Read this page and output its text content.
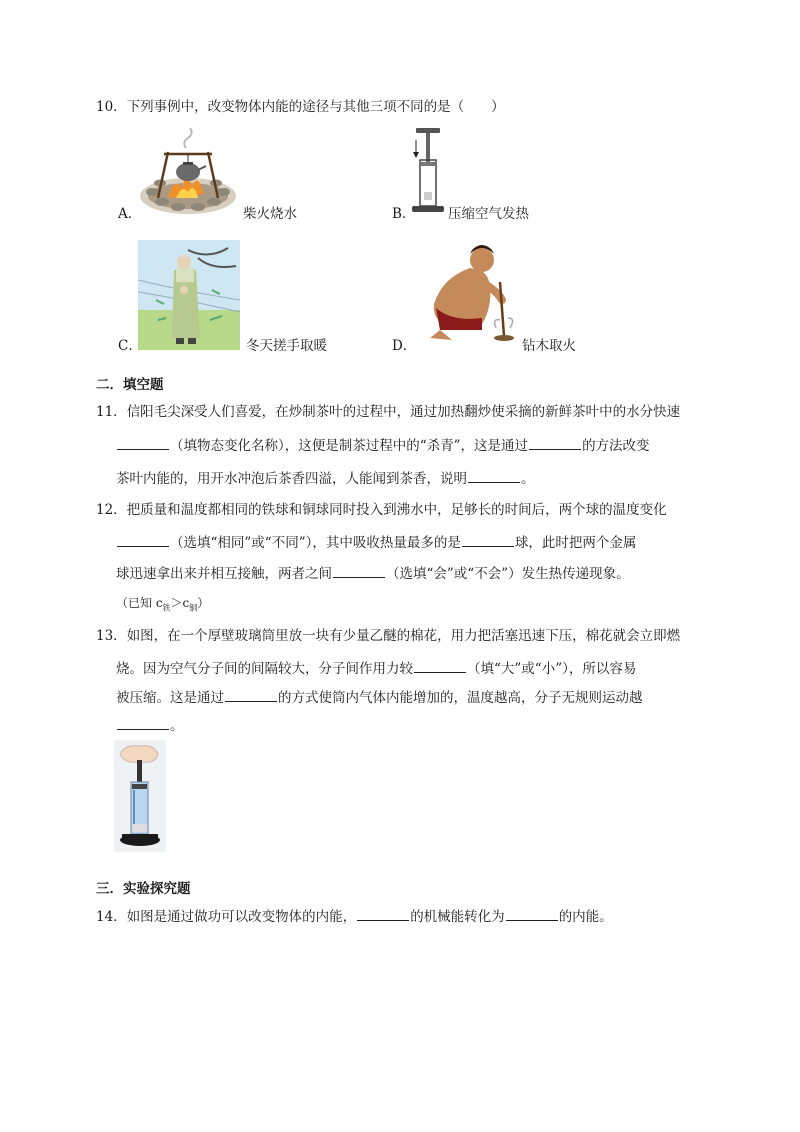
10．下列事例中，改变物体内能的途径与其他三项不同的是（　　）
A．	柴火烧水	B． 压缩空气发热
C．	冬天搓手取暖	D．	钻木取火
二．填空题
11．信阳毛尖深受人们喜爱，在炒制茶叶的过程中，通过加热翻炒使采摘的新鲜茶叶中的水分快速
（填物态变化名称），这便是制茶过程中的“杀青”，这是通过	的方法改变
茶叶内能的，用开水冲泡后茶香四溢，人能闻到茶香，说明	。
12．把质量和温度都相同的铁球和铜球同时投入到沸水中，足够长的时间后，两个球的温度变化
（选填“相同”或“不同”），其中吸收热量最多的是	球，此时把两个金属
球迅速拿出来并相互接触，两者之间	（选填“会”或“不会”）发生热传递现象。
（已知 $c_铁>c_铜$）
13．如图，在一个厚壁玻璃筒里放一块有少量乙醚的棉花，用力把活塞迅速下压，棉花就会立即燃
烧。因为空气分子间的间隔较大，分子间作用力较	（填“大”或“小”），所以容易
被压缩。这是通过	的方式使筒内气体内能增加的，温度越高，分子无规则运动越
。
三．实验探究题
14．如图是通过做功可以改变物体的内能，	的机械能转化为	的内能。
